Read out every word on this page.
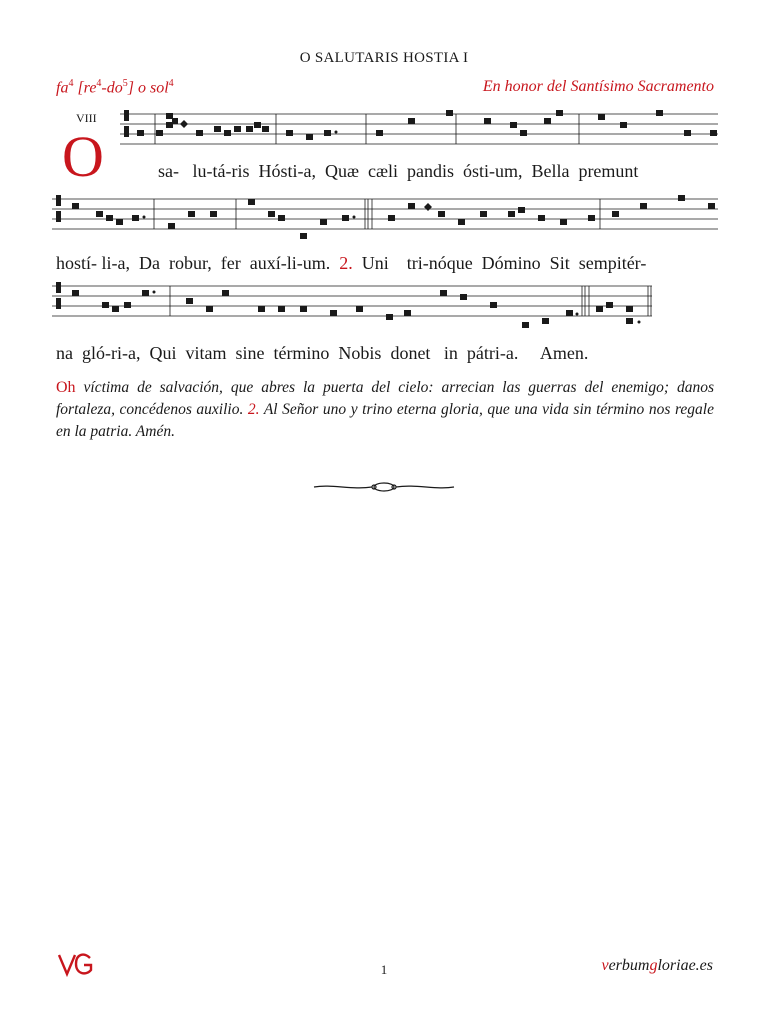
O SALUTARIS HOSTIA I
$fa^4$ $[re^4-do^5]$ o sol$^4$	En honor del Santísimo Sacramento
VIII
O	sa-   lu-tá-ris  Hósti-a,  Quæ  cæli  pandis  ósti-um,  Bella  premunt
hostí- li-a,  Da  robur,  fer  auxí-li-um.  2.  Uni    tri-nóque  Dómino  Sit  sempitér-
na  gló-ri-a,  Qui  vitam  sine  término  Nobis  donet   in  pátri-a.     Amen.
Oh víctima de salvación, que abres la puerta del cielo: arrecian las guerras del enemigo; danos fortaleza, concédenos auxilio. 2. Al Señor uno y trino eterna gloria, que una vida sin término nos regale en la patria. Amén.
1	verbumgloriae.es
